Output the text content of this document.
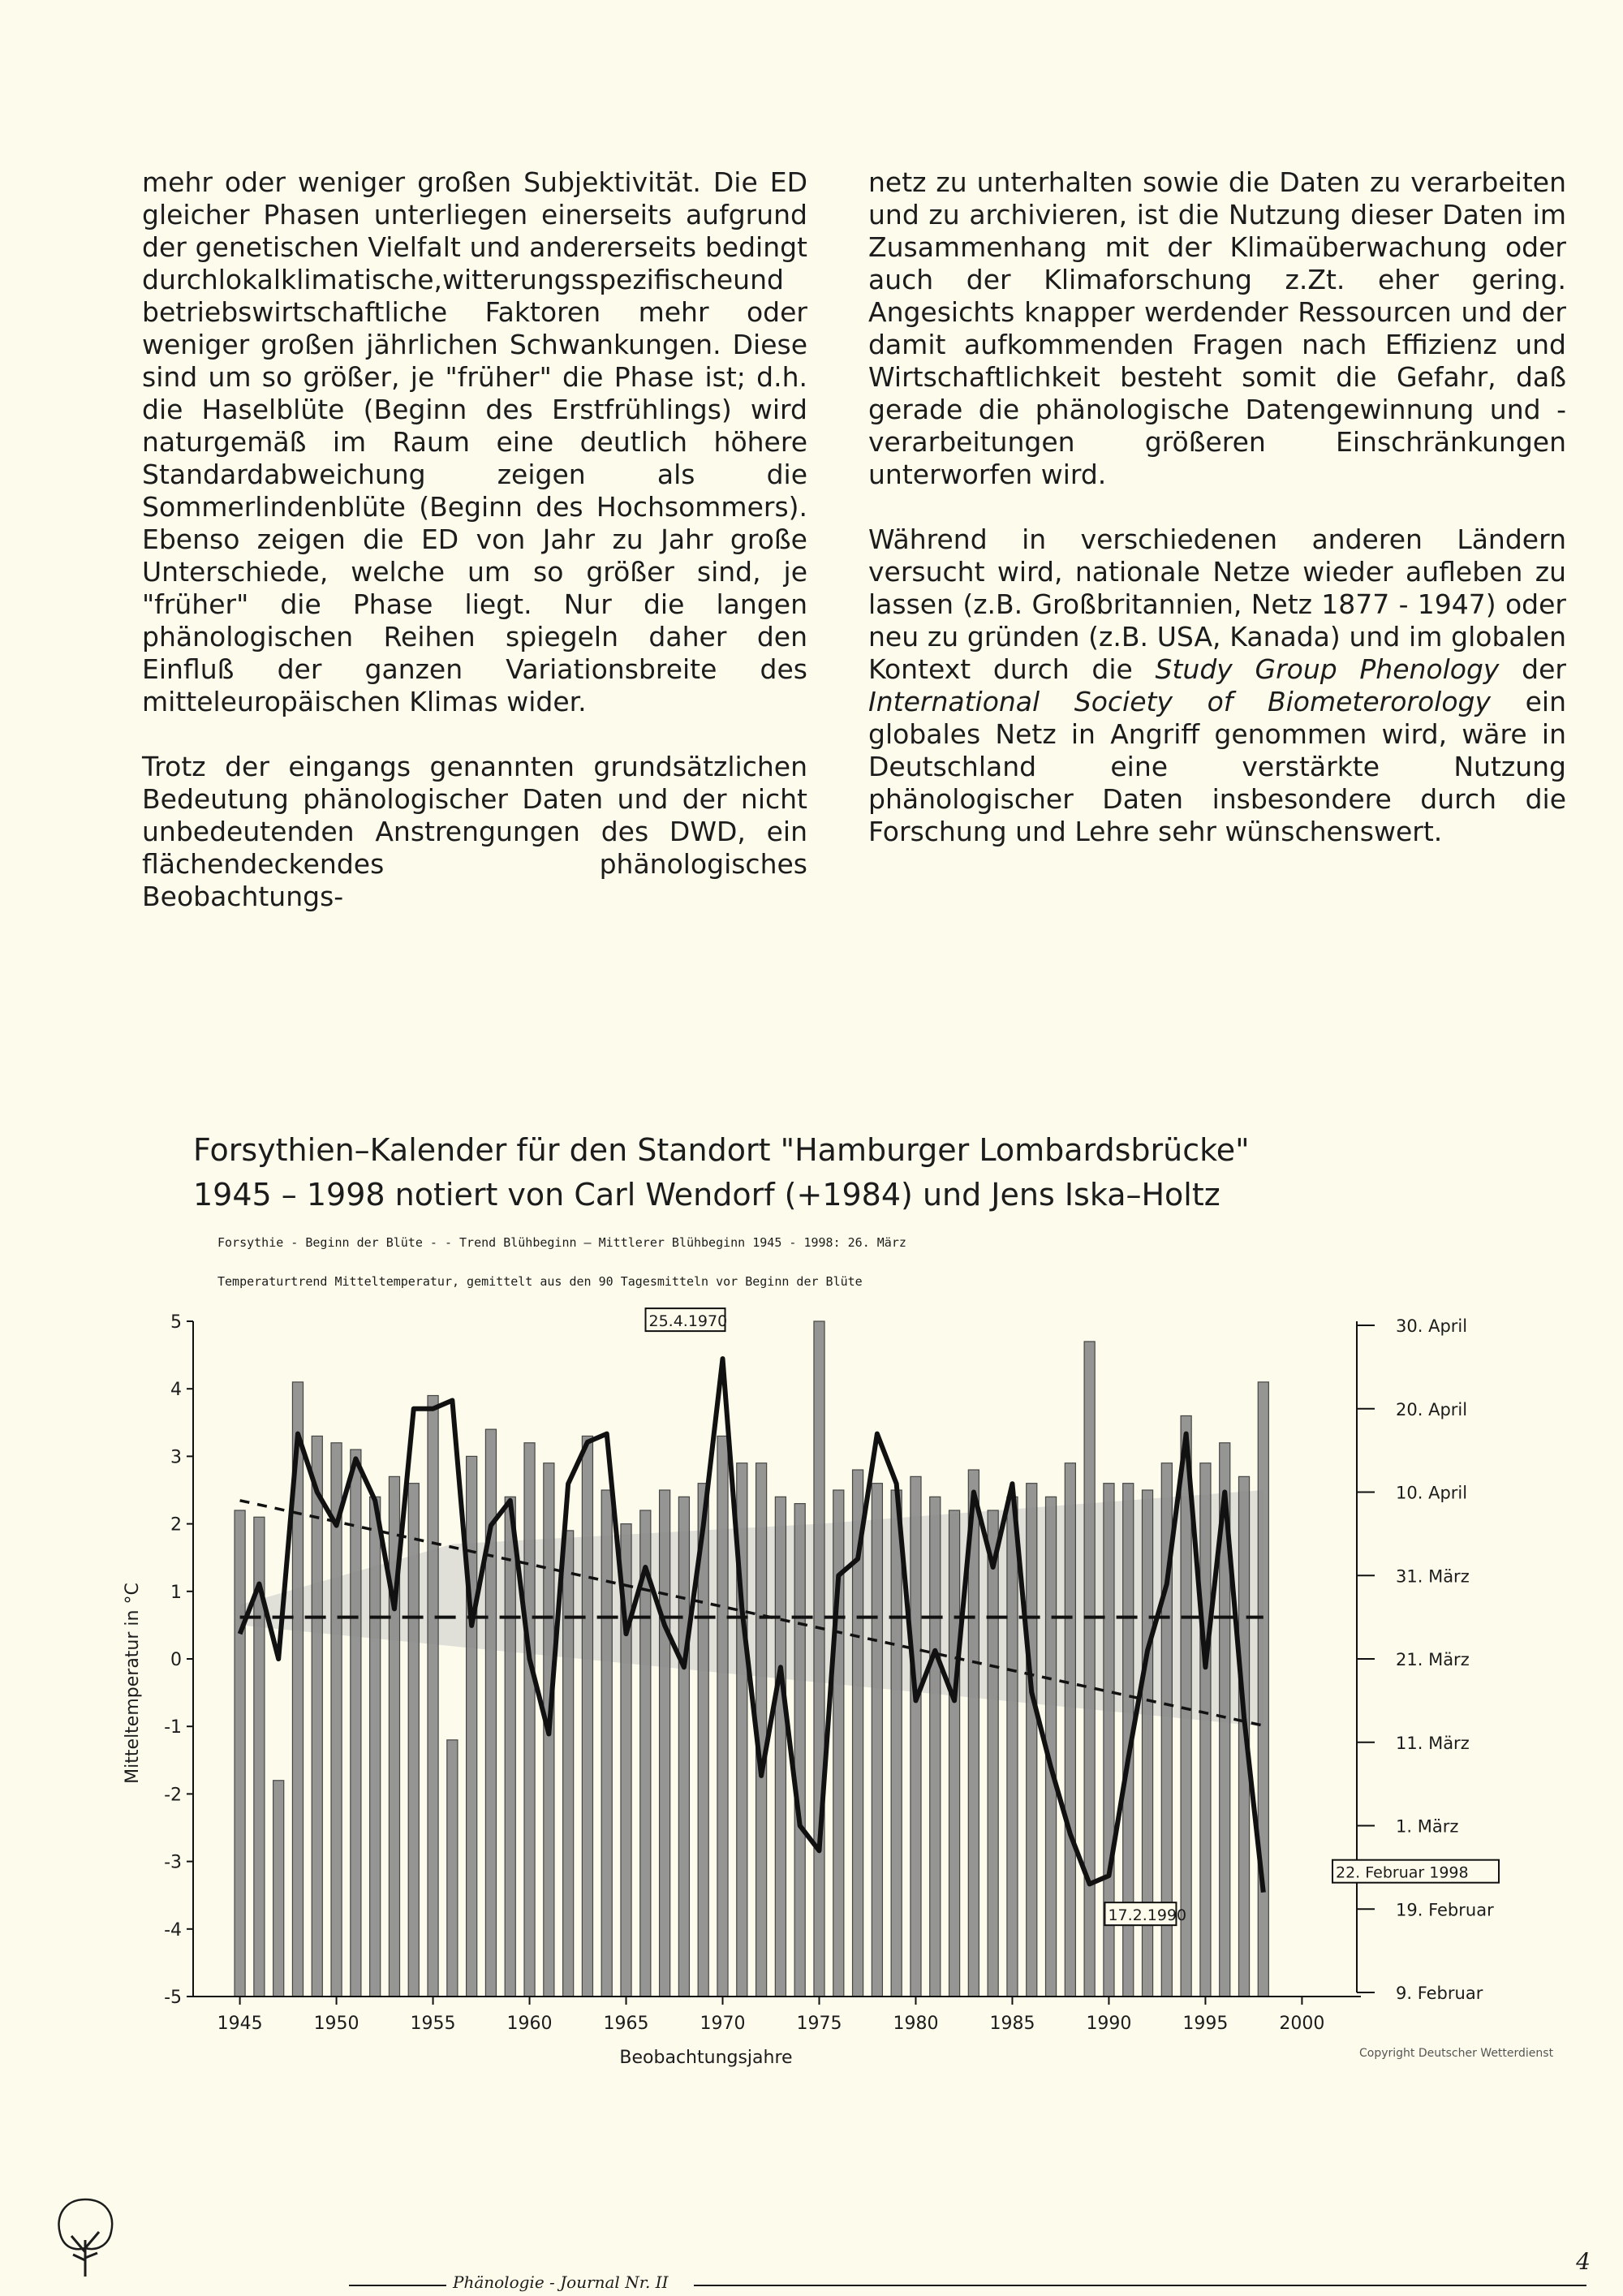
mehr oder weniger großen Subjektivität. Die ED gleicher Phasen unterliegen einerseits aufgrund der genetischen Vielfalt und andererseits bedingt durchlokalklimatische,witterungsspezifischeund betriebswirtschaftliche Faktoren mehr oder weniger großen jährlichen Schwankungen. Diese sind um so größer, je "früher" die Phase ist; d.h. die Haselblüte (Beginn des Erstfrühlings) wird naturgemäß im Raum eine deutlich höhere Standardabweichung zeigen als die Sommerlindenblüte (Beginn des Hochsommers). Ebenso zeigen die ED von Jahr zu Jahr große Unterschiede, welche um so größer sind, je "früher" die Phase liegt. Nur die langen phänologischen Reihen spiegeln daher den Einfluß der ganzen Variationsbreite des mitteleuropäischen Klimas wider.

Trotz der eingangs genannten grundsätzlichen Bedeutung phänologischer Daten und der nicht unbedeutenden Anstrengungen des DWD, ein flächendeckendes phänologisches Beobachtungs-

netz zu unterhalten sowie die Daten zu verarbeiten und zu archivieren, ist die Nutzung dieser Daten im Zusammenhang mit der Klimaüberwachung oder auch der Klimaforschung z.Zt. eher gering. Angesichts knapper werdender Ressourcen und der damit aufkommenden Fragen nach Effizienz und Wirtschaftlichkeit besteht somit die Gefahr, daß gerade die phänologische Datengewinnung und -verarbeitungen größeren Einschränkungen unterworfen wird.

Während in verschiedenen anderen Ländern versucht wird, nationale Netze wieder aufleben zu lassen (z.B. Großbritannien, Netz 1877 - 1947) oder neu zu gründen (z.B. USA, Kanada) und im globalen Kontext durch die Study Group Phenology der International Society of Biometerorology ein globales Netz in Angriff genommen wird, wäre in Deutschland eine verstärkte Nutzung phänologischer Daten insbesondere durch die Forschung und Lehre sehr wünschenswert.

Forsythien–Kalender für den Standort "Hamburger Lombardsbrücke"
1945 – 1998 notiert von Carl Wendorf (+1984) und Jens Iska–Holtz
Forsythie - Beginn der Blüte - - Trend Blühbeginn — Mittlerer Blühbeginn 1945 - 1998: 26. März
Temperaturtrend Mitteltemperatur, gemittelt aus den 90 Tagesmitteln vor Beginn der Blüte
5
4
3
2
1
0
-1
-2
-3
-4
-5
Mitteltemperatur in °C
1945	1950	1955	1960	1965	1970	1975	1980	1985	1990	1995	2000
Beobachtungsjahre
30. April
20. April
10. April
31. März
21. März
11. März
1. März
19. Februar
9. Februar
25.4.1970
22. Februar 1998
17.2.1990
Copyright Deutscher Wetterdienst
Phänologie - Journal Nr. II
4
